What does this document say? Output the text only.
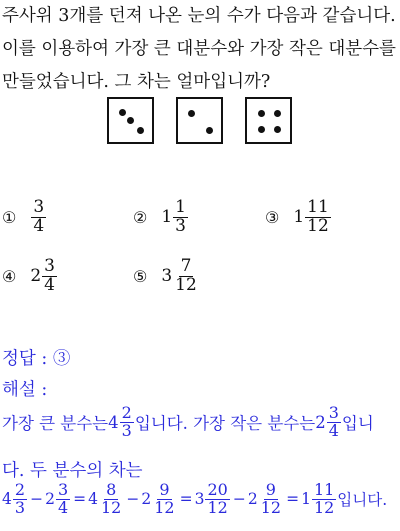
주사위 3개를 던져 나온 눈의 수가 다음과 같습니다.
이를 이용하여 가장 큰 대분수와 가장 작은 대분수를
만들었습니다. 그 차는 얼마입니까?
① $\frac{3}{4}$	② $1 \frac{1}{3}$	③ $1 \frac{11}{12}$
④ $2 \frac{3}{4}$	⑤ $3 \frac{7}{12}$
정답 : ③
해설 :
가장 큰 분수는 $4 \frac{2}{3}$ 입니다. 가장 작은 분수는 $2 \frac{3}{4}$ 입니
다. 두 분수의 차는
$4 \frac{2}{3} - 2 \frac{3}{4} = 4 \frac{8}{12} - 2 \frac{9}{12} = 3 \frac{20}{12} - 2 \frac{9}{12} = 1 \frac{11}{12}$ 입니다.
